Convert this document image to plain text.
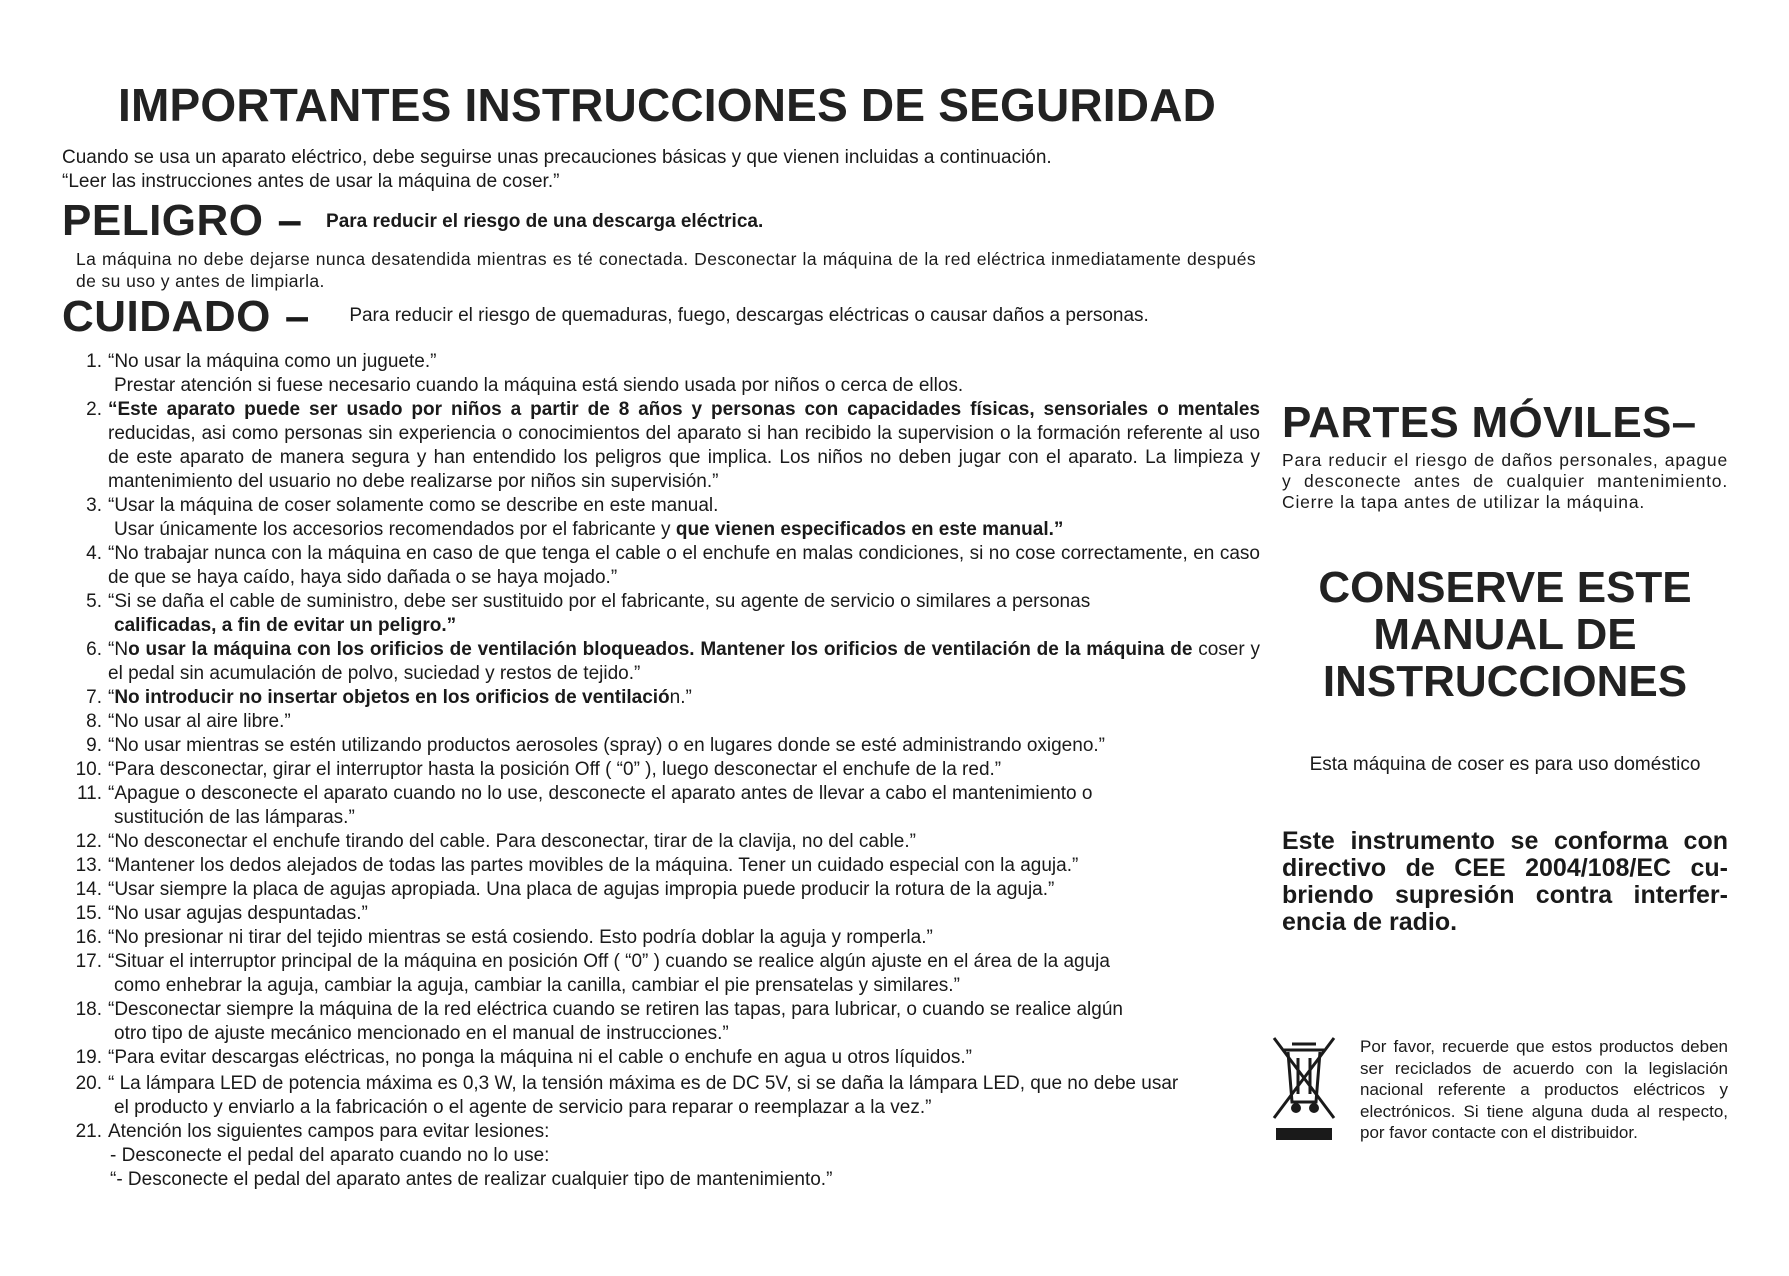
IMPORTANTES INSTRUCCIONES DE SEGURIDAD
Cuando se usa un aparato eléctrico, debe seguirse unas precauciones básicas y que vienen incluidas a continuación.
“Leer las instrucciones antes de usar la máquina de coser.”
PELIGRO – Para reducir el riesgo de una descarga eléctrica.
La máquina no debe dejarse nunca desatendida mientras es té conectada. Desconectar la máquina de la red eléctrica inmediatamente después de su uso y antes de limpiarla.
CUIDADO – Para reducir el riesgo de quemaduras, fuego, descargas eléctricas o causar daños a personas.
1. “No usar la máquina como un juguete.”
Prestar atención si fuese necesario cuando la máquina está siendo usada por niños o cerca de ellos.
2. “Este aparato puede ser usado por niños a partir de 8 años y personas con capacidades físicas, sensoriales o mentales reducidas, asi como personas sin experiencia o conocimientos del aparato si han recibido la supervision o la formación referente al uso de este aparato de manera segura y han entendido los peligros que implica. Los niños no deben jugar con el aparato. La limpieza y mantenimiento del usuario no debe realizarse por niños sin supervisión.”
3. “Usar la máquina de coser solamente como se describe en este manual.
Usar únicamente los accesorios recomendados por el fabricante y que vienen especificados en este manual.”
4. “No trabajar nunca con la máquina en caso de que tenga el cable o el enchufe en malas condiciones, si no cose correctamente, en caso de que se haya caído, haya sido dañada o se haya mojado.”
5. “Si se daña el cable de suministro, debe ser sustituido por el fabricante, su agente de servicio o similares a personas
calificadas, a fin de evitar un peligro.”
6. “No usar la máquina con los orificios de ventilación bloqueados. Mantener los orificios de ventilación de la máquina de coser y el pedal sin acumulación de polvo, suciedad y restos de tejido.”
7. “No introducir no insertar objetos en los orificios de ventilación.”
8. “No usar al aire libre.”
9. “No usar mientras se estén utilizando productos aerosoles (spray) o en lugares donde se esté administrando oxigeno.”
10. “Para desconectar, girar el interruptor hasta la posición Off ( “0” ), luego desconectar el enchufe de la red.”
11. “Apague o desconecte el aparato cuando no lo use, desconecte el aparato antes de llevar a cabo el mantenimiento o
sustitución de las lámparas.”
12. “No desconectar el enchufe tirando del cable. Para desconectar, tirar de la clavija, no del cable.”
13. “Mantener los dedos alejados de todas las partes movibles de la máquina. Tener un cuidado especial con la aguja.”
14. “Usar siempre la placa de agujas apropiada. Una placa de agujas impropia puede producir la rotura de la aguja.”
15. “No usar agujas despuntadas.”
16. “No presionar ni tirar del tejido mientras se está cosiendo. Esto podría doblar la aguja y romperla.”
17. “Situar el interruptor principal de la máquina en posición Off ( “0” ) cuando se realice algún ajuste en el área de la aguja
como enhebrar la aguja, cambiar la aguja, cambiar la canilla, cambiar el pie prensatelas y similares.”
18. “Desconectar siempre la máquina de la red eléctrica cuando se retiren las tapas, para lubricar, o cuando se realice algún
otro tipo de ajuste mecánico mencionado en el manual de instrucciones.”
19. “Para evitar descargas eléctricas, no ponga la máquina ni el cable o enchufe en agua u otros líquidos.”
20. “ La lámpara LED de potencia máxima es 0,3 W, la tensión máxima es de DC 5V, si se daña la lámpara LED, que no debe usar
el producto y enviarlo a la fabricación o el agente de servicio para reparar o reemplazar a la vez.”
21. Atención los siguientes campos para evitar lesiones:
- Desconecte el pedal del aparato cuando no lo use:
“- Desconecte el pedal del aparato antes de realizar cualquier tipo de mantenimiento.”
PARTES MÓVILES–
Para reducir el riesgo de daños personales, apague y desconecte antes de cualquier mantenimiento. Cierre la tapa antes de utilizar la máquina.
CONSERVE ESTE
MANUAL DE
INSTRUCCIONES
Esta máquina de coser es para uso doméstico
Este instrumento se conforma con directivo de CEE 2004/108/EC cu-briendo supresión contra interfer-encia de radio.
Por favor, recuerde que estos productos deben ser reciclados de acuerdo con la legislación nacional referente a productos eléctricos y electrónicos. Si tiene alguna duda al respecto, por favor contacte con el distribuidor.
